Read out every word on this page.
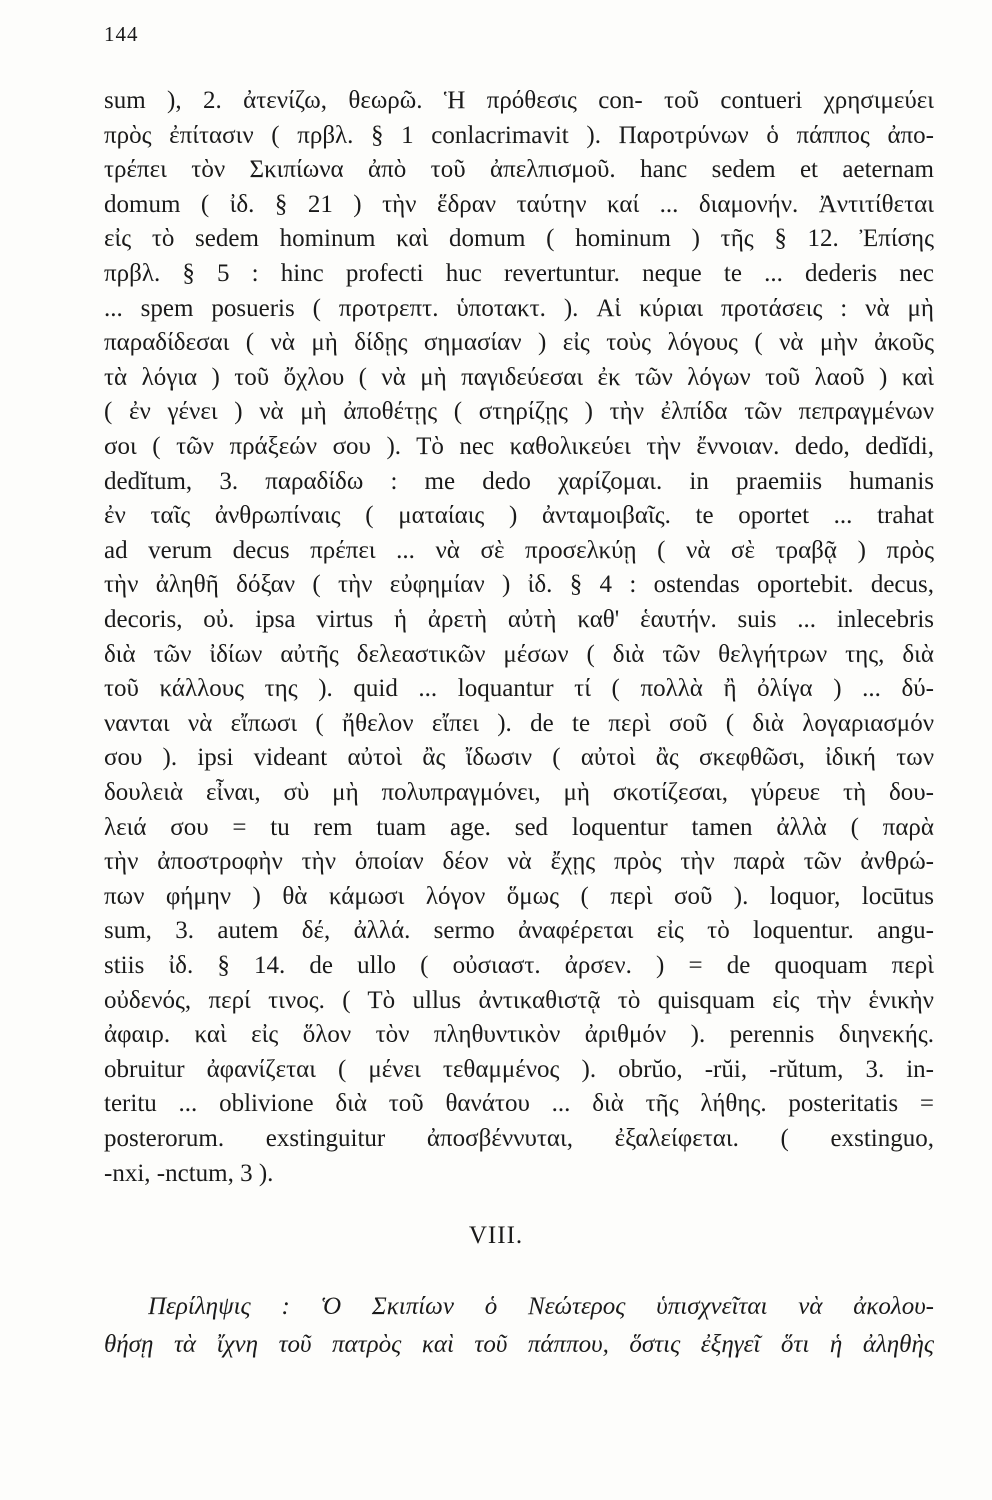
144
sum ), 2. ἀτενίζω, θεωρῶ. Ἡ πρόθεσις con- τοῦ contueri χρησιμεύει
πρὸς ἐπίτασιν ( πρβλ. § 1 conlacrimavit ). Παροτρύνων ὁ πάππος ἀπο-
τρέπει τὸν Σκιπίωνα ἀπὸ τοῦ ἀπελπισμοῦ. hanc sedem et aeternam
domum ( ἰδ. § 21 ) τὴν ἕδραν ταύτην καί ... διαμονήν. Ἀντιτίθεται
εἰς τὸ sedem hominum καὶ domum ( hominum ) τῆς § 12. Ἐπίσης
πρβλ. § 5 : hinc profecti huc revertuntur. neque te ... dederis nec
... spem posueris ( προτρεπτ. ὑποτακτ. ). Αἱ κύριαι προτάσεις : νὰ μὴ
παραδίδεσαι ( νὰ μὴ δίδῃς σημασίαν ) εἰς τοὺς λόγους ( νὰ μὴν ἀκοῦς
τὰ λόγια ) τοῦ ὄχλου ( νὰ μὴ παγιδεύεσαι ἐκ τῶν λόγων τοῦ λαοῦ ) καὶ
( ἐν γένει ) νὰ μὴ ἀποθέτῃς ( στηρίζῃς ) τὴν ἐλπίδα τῶν πεπραγμένων
σοι ( τῶν πράξεών σου ). Τὸ nec καθολικεύει τὴν ἔννοιαν. dedo, dedĭdi,
dedĭtum, 3. παραδίδω : me dedo χαρίζομαι. in praemiis humanis
ἐν ταῖς ἀνθρωπίναις ( ματαίαις ) ἀνταμοιβαῖς. te oportet ... trahat
ad verum decus πρέπει ... νὰ σὲ προσελκύῃ ( νὰ σὲ τραβᾷ ) πρὸς
τὴν ἀληθῆ δόξαν ( τὴν εὐφημίαν ) ἰδ. § 4 : ostendas oportebit. decus,
decoris, οὐ. ipsa virtus ἡ ἀρετὴ αὐτὴ καθ' ἑαυτήν. suis ... inlecebris
διὰ τῶν ἰδίων αὐτῆς δελεαστικῶν μέσων ( διὰ τῶν θελγήτρων της, διὰ
τοῦ κάλλους της ). quid ... loquantur τί ( πολλὰ ἢ ὀλίγα ) ... δύ-
νανται νὰ εἴπωσι ( ἤθελον εἴπει ). de te περὶ σοῦ ( διὰ λογαριασμόν
σου ). ipsi videant αὐτοὶ ἂς ἴδωσιν ( αὐτοὶ ἂς σκεφθῶσι, ἰδική των
δουλειὰ εἶναι, σὺ μὴ πολυπραγμόνει, μὴ σκοτίζεσαι, γύρευε τὴ δου-
λειά σου = tu rem tuam age. sed loquentur tamen ἀλλὰ ( παρὰ
τὴν ἀποστροφὴν τὴν ὁποίαν δέον νὰ ἔχῃς πρὸς τὴν παρὰ τῶν ἀνθρώ-
πων φήμην ) θὰ κάμωσι λόγον ὅμως ( περὶ σοῦ ). loquor, locūtus
sum, 3. autem δέ, ἀλλά. sermo ἀναφέρεται εἰς τὸ loquentur. angu-
stiis ἰδ. § 14. de ullo ( οὐσιαστ. ἀρσεν. ) = de quoquam περὶ
οὐδενός, περί τινος. ( Τὸ ullus ἀντικαθιστᾷ τὸ quisquam εἰς τὴν ἑνικὴν
ἀφαιρ. καὶ εἰς ὅλον τὸν πληθυντικὸν ἀριθμόν ). perennis διηνεκής.
obruitur ἀφανίζεται ( μένει τεθαμμένος ). obrŭo, -rŭi, -rŭtum, 3. in-
teritu ... oblivione διὰ τοῦ θανάτου ... διὰ τῆς λήθης. posteritatis =
posterorum. exstinguitur ἀποσβέννυται, ἐξαλείφεται. ( exstinguo,
-nxi, -nctum, 3 ).
VIII.
Περίληψις : Ὁ Σκιπίων ὁ Νεώτερος ὑπισχνεῖται νὰ ἀκολου-
θήσῃ τὰ ἴχνη τοῦ πατρὸς καὶ τοῦ πάππου, ὅστις ἐξηγεῖ ὅτι ἡ ἀληθὴς
